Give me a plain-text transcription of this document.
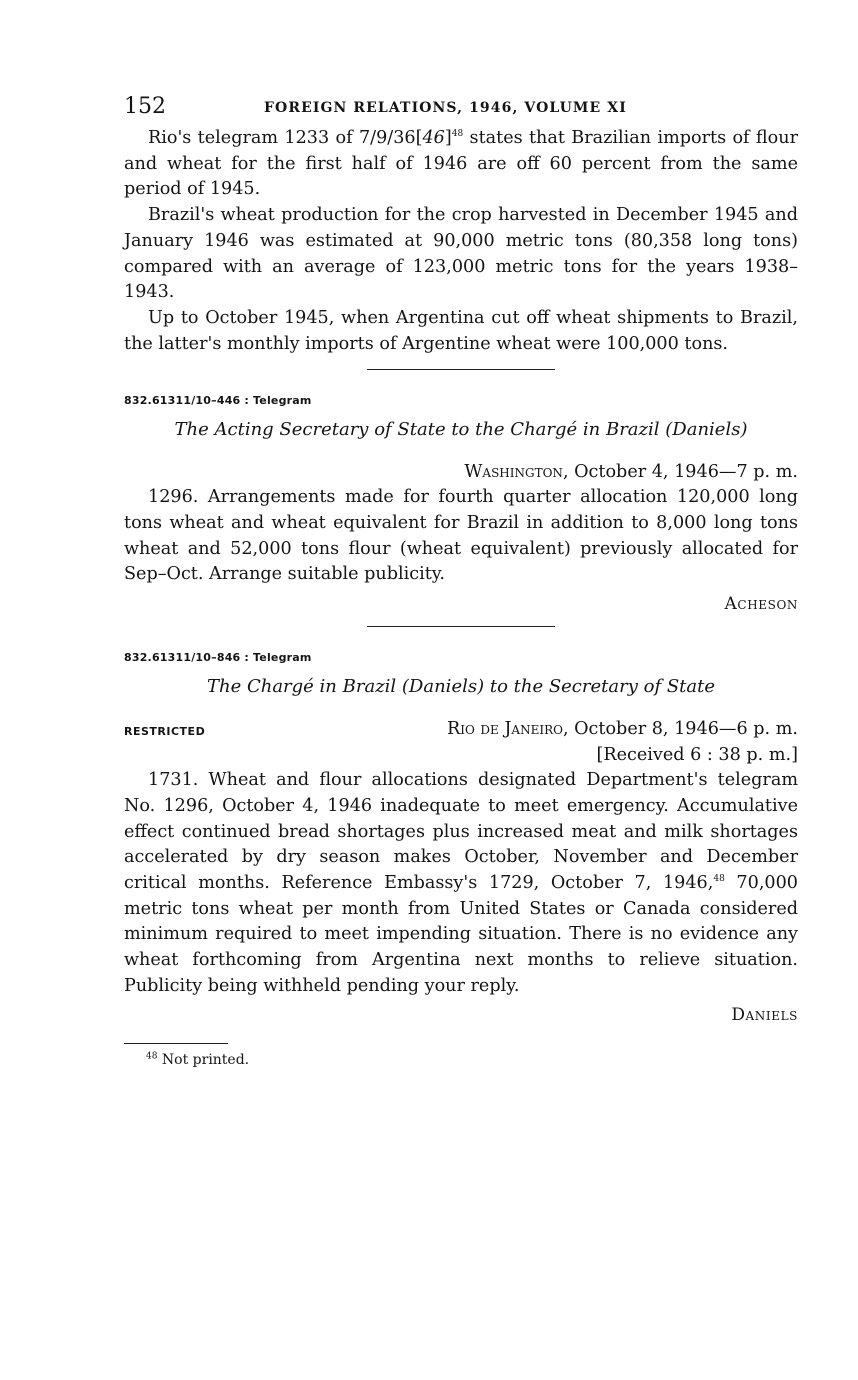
152	FOREIGN RELATIONS, 1946, VOLUME XI

Rio's telegram 1233 of $7/9/36[46]^{48}$ states that Brazilian imports of flour and wheat for the first half of 1946 are off 60 percent from the same period of 1945.

Brazil's wheat production for the crop harvested in December 1945 and January 1946 was estimated at 90,000 metric tons (80,358 long tons) compared with an average of 123,000 metric tons for the years 1938–1943.

Up to October 1945, when Argentina cut off wheat shipments to Brazil, the latter's monthly imports of Argentine wheat were 100,000 tons.

832.61311/10–446 : Telegram
The Acting Secretary of State to the Chargé in Brazil (Daniels)
Washington, October 4, 1946—7 p. m.

1296. Arrangements made for fourth quarter allocation 120,000 long tons wheat and wheat equivalent for Brazil in addition to 8,000 long tons wheat and 52,000 tons flour (wheat equivalent) previously allocated for Sep–Oct. Arrange suitable publicity.

Acheson
832.61311/10–846 : Telegram
The Chargé in Brazil (Daniels) to the Secretary of State
RESTRICTED	Rio de Janeiro, October 8, 1946—6 p. m.
[Received 6 : 38 p. m.]

1731. Wheat and flour allocations designated Department's telegram No. 1296, October 4, 1946 inadequate to meet emergency. Accumulative effect continued bread shortages plus increased meat and milk shortages accelerated by dry season makes October, November and December critical months. Reference Embassy's 1729, October 7, 1946,48 70,000 metric tons wheat per month from United States or Canada considered minimum required to meet impending situation. There is no evidence any wheat forthcoming from Argentina next months to relieve situation. Publicity being withheld pending your reply.

Daniels
$^{48}$ Not printed.
